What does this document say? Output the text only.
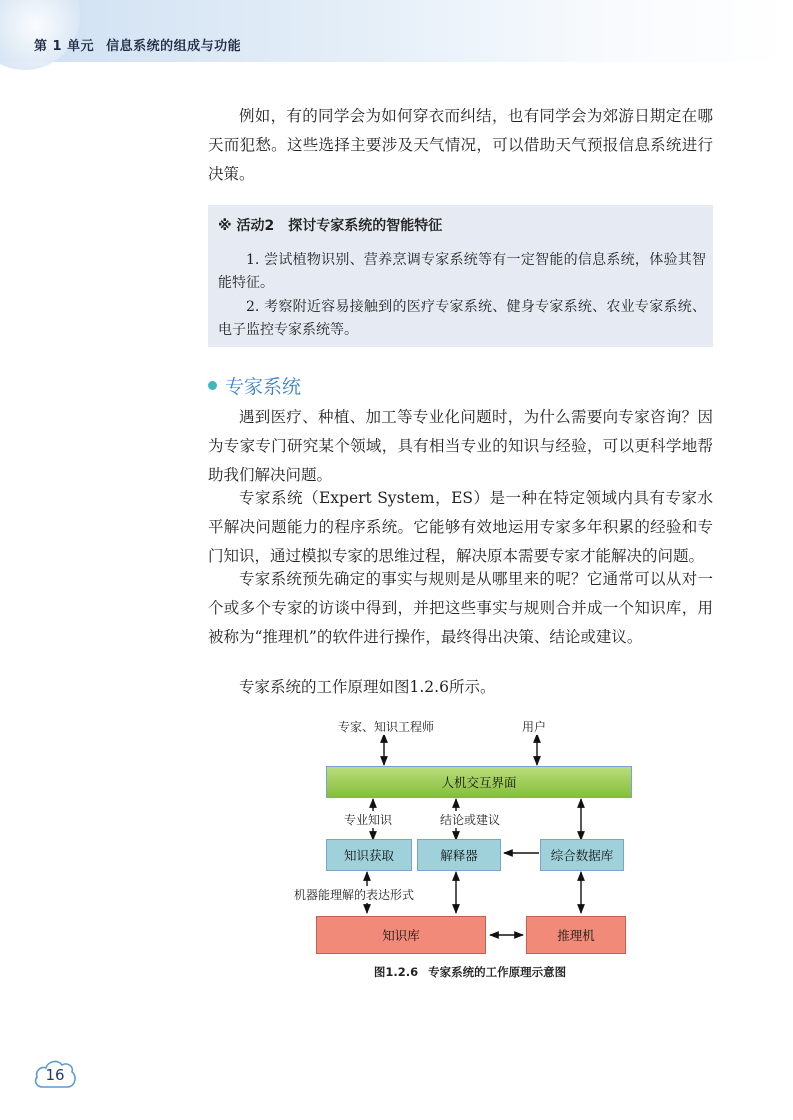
第 1 单元 信息系统的组成与功能

例如，有的同学会为如何穿衣而纠结，也有同学会为郊游日期定在哪天而犯愁。这些选择主要涉及天气情况，可以借助天气预报信息系统进行决策。

※ 活动2　探讨专家系统的智能特征

1. 尝试植物识别、营养烹调专家系统等有一定智能的信息系统，体验其智能特征。

2. 考察附近容易接触到的医疗专家系统、健身专家系统、农业专家系统、电子监控专家系统等。

专家系统

遇到医疗、种植、加工等专业化问题时，为什么需要向专家咨询？因为专家专门研究某个领域，具有相当专业的知识与经验，可以更科学地帮助我们解决问题。

专家系统（Expert System，ES）是一种在特定领域内具有专家水平解决问题能力的程序系统。它能够有效地运用专家多年积累的经验和专门知识，通过模拟专家的思维过程，解决原本需要专家才能解决的问题。

专家系统预先确定的事实与规则是从哪里来的呢？它通常可以从对一个或多个专家的访谈中得到，并把这些事实与规则合并成一个知识库，用被称为“推理机”的软件进行操作，最终得出决策、结论或建议。

专家系统的工作原理如图1.2.6所示。

专家、知识工程师	用户
人机交互界面
专业知识	结论或建议
知识获取	解释器	综合数据库
机器能理解的表达形式
知识库	推理机
图1.2.6 专家系统的工作原理示意图
16
